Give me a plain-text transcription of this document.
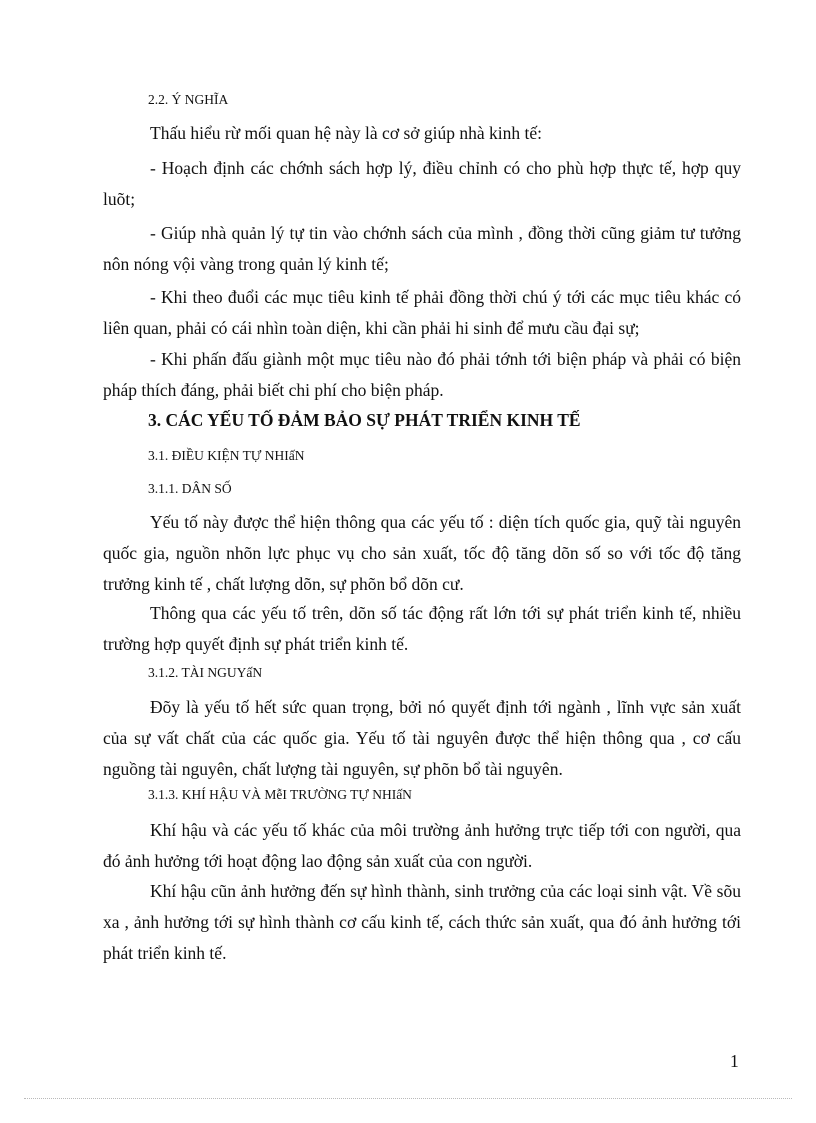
2.2. Ý NGHĨA
Thấu hiểu rừ mối quan hệ này là cơ sở giúp nhà kinh tế:
- Hoạch định các chớnh sách hợp lý, điều chỉnh có cho phù hợp thực tế, hợp quy luõt;
- Giúp nhà quản lý tự tin vào chớnh sách của mình , đồng thời cũng giảm tư tưởng nôn nóng vội vàng trong quản lý kinh tế;
- Khi theo đuổi các mục tiêu kinh tế phải đồng thời chú ý tới các mục tiêu khác có liên quan, phải có cái nhìn toàn diện, khi cần phải hi sinh để mưu cầu đại sự;
- Khi phấn đấu giành một mục tiêu nào đó phải tớnh tới biện pháp và phải có biện pháp thích đáng, phải biết chi phí cho biện pháp.
3. CÁC YẾU TỐ ĐẢM BẢO SỰ PHÁT TRIỂN KINH TẾ
3.1. ĐIỀU KIỆN TỰ NHIấN
3.1.1. DÂN SỐ
Yếu tố này được thể hiện thông qua các yếu tố : diện tích quốc gia, quỹ tài nguyên quốc gia, nguồn nhõn lực phục vụ cho sản xuất, tốc độ tăng dõn số so với tốc độ tăng trưởng kinh tế , chất lượng dõn, sự phõn bổ dõn cư.
Thông qua các yếu tố trên, dõn số tác động rất lớn tới sự phát triển kinh tế, nhiều trường hợp quyết định sự phát triển kinh tế.
3.1.2. TÀI NGUYấN
Đõy là yếu tố hết sức quan trọng, bởi nó quyết định tới ngành , lĩnh vực sản xuất của sự vất chất của các quốc gia. Yếu tố tài nguyên được thể hiện thông qua , cơ cấu nguồng tài nguyên, chất lượng tài nguyên, sự phõn bổ tài nguyên.
3.1.3. KHÍ HẬU VÀ MễI TRƯỜNG TỰ NHIấN
Khí hậu và các yếu tố khác của môi trường ảnh hưởng trực tiếp tới con người, qua đó ảnh hưởng tới hoạt động lao động sản xuất của con người.
Khí hậu cũn ảnh hưởng đến sự hình thành, sinh trưởng của các loại sinh vật. Về sõu xa , ảnh hưởng tới sự hình thành cơ cấu kinh tế, cách thức sản xuất, qua đó ảnh hưởng tới phát triển kinh tế.
1
